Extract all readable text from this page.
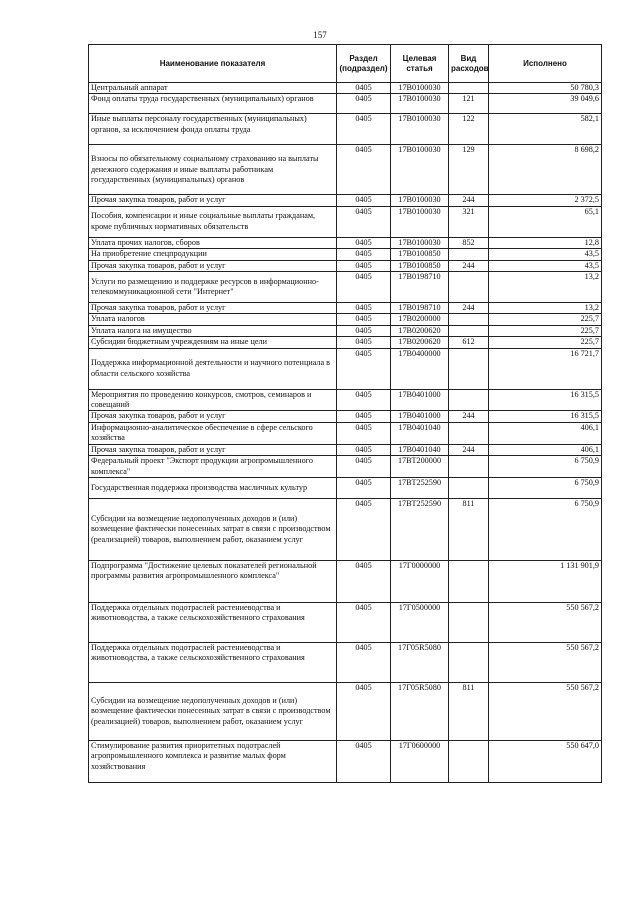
157
Наименование показателя	Раздел (подраздел)	Целевая статья	Вид расходов	Исполнено
Центральный аппарат	0405	17В0100030		50 780,3
Фонд оплаты труда государственных (муниципальных) органов	0405	17В0100030	121	39 049,6
Иные выплаты персоналу государственных (муниципальных) органов, за исключением фонда оплаты труда	0405	17В0100030	122	582,1
Взносы по обязательному социальному страхованию на выплаты денежного содержания и иные выплаты работникам государственных (муниципальных) органов	0405	17В0100030	129	8 698,2
Прочая закупка товаров, работ и услуг	0405	17В0100030	244	2 372,5
Пособия, компенсации и иные социальные выплаты гражданам, кроме публичных нормативных обязательств	0405	17В0100030	321	65,1
Уплата прочих налогов, сборов	0405	17В0100030	852	12,8
На приобретение спецпродукции	0405	17В0100850		43,5
Прочая закупка товаров, работ и услуг	0405	17В0100850	244	43,5
Услуги по размещению и поддержке ресурсов в информационно-телекоммуникационной сети "Интернет"	0405	17В0198710		13,2
Прочая закупка товаров, работ и услуг	0405	17В0198710	244	13,2
Уплата налогов	0405	17В0200000		225,7
Уплата налога на имущество	0405	17В0200620		225,7
Субсидии бюджетным учреждениям на иные цели	0405	17В0200620	612	225,7
Поддержка информационной деятельности и научного потенциала в области сельского хозяйства	0405	17В0400000		16 721,7
Мероприятия по проведению конкурсов, смотров, семинаров и совещаний	0405	17В0401000		16 315,5
Прочая закупка товаров, работ и услуг	0405	17В0401000	244	16 315,5
Информационно-аналитическое обеспечение в сфере сельского хозяйства	0405	17В0401040		406,1
Прочая закупка товаров, работ и услуг	0405	17В0401040	244	406,1
Федеральный проект "Экспорт продукции агропромышленного комплекса"	0405	17ВТ200000		6 750,9
Государственная поддержка производства масличных культур	0405	17ВТ252590		6 750,9
Субсидии на возмещение недополученных доходов и (или) возмещение фактически понесенных затрат в связи с производством (реализацией) товаров, выполнением работ, оказанием услуг	0405	17ВТ252590	811	6 750,9
Подпрограмма "Достижение целевых показателей региональной программы развития агропромышленного комплекса"	0405	17Г0000000		1 131 901,9
Поддержка отдельных подотраслей растениеводства и животноводства, а также сельскохозяйственного страхования	0405	17Г0500000		550 567,2
Поддержка отдельных подотраслей растениеводства и животноводства, а также сельскохозяйственного страхования	0405	17Г05R5080		550 567,2
Субсидии на возмещение недополученных доходов и (или) возмещение фактически понесенных затрат в связи с производством (реализацией) товаров, выполнением работ, оказанием услуг	0405	17Г05R5080	811	550 567,2
Стимулирование развития приоритетных подотраслей агропромышленного комплекса и развитие малых форм хозяйствования	0405	17Г0600000		550 647,0
